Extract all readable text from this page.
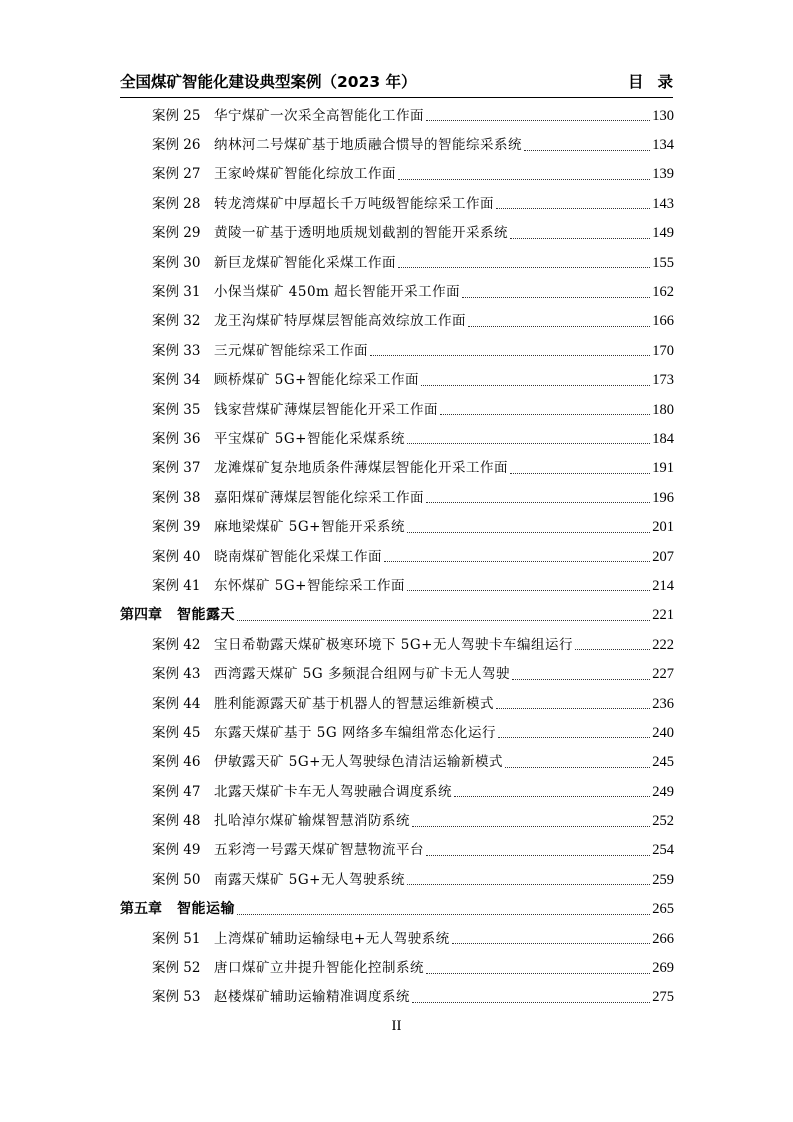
全国煤矿智能化建设典型案例（2023 年）	目录
案例 25	华宁煤矿一次采全高智能化工作面	130
案例 26	纳林河二号煤矿基于地质融合惯导的智能综采系统	134
案例 27	王家岭煤矿智能化综放工作面	139
案例 28	转龙湾煤矿中厚超长千万吨级智能综采工作面	143
案例 29	黄陵一矿基于透明地质规划截割的智能开采系统	149
案例 30	新巨龙煤矿智能化采煤工作面	155
案例 31	小保当煤矿 450m 超长智能开采工作面	162
案例 32	龙王沟煤矿特厚煤层智能高效综放工作面	166
案例 33	三元煤矿智能综采工作面	170
案例 34	顾桥煤矿 5G+智能化综采工作面	173
案例 35	钱家营煤矿薄煤层智能化开采工作面	180
案例 36	平宝煤矿 5G+智能化采煤系统	184
案例 37	龙滩煤矿复杂地质条件薄煤层智能化开采工作面	191
案例 38	嘉阳煤矿薄煤层智能化综采工作面	196
案例 39	麻地梁煤矿 5G+智能开采系统	201
案例 40	晓南煤矿智能化采煤工作面	207
案例 41	东怀煤矿 5G+智能综采工作面	214
第四章 智能露天	221
案例 42	宝日希勒露天煤矿极寒环境下 5G+无人驾驶卡车编组运行	222
案例 43	西湾露天煤矿 5G 多频混合组网与矿卡无人驾驶	227
案例 44	胜利能源露天矿基于机器人的智慧运维新模式	236
案例 45	东露天煤矿基于 5G 网络多车编组常态化运行	240
案例 46	伊敏露天矿 5G+无人驾驶绿色清洁运输新模式	245
案例 47	北露天煤矿卡车无人驾驶融合调度系统	249
案例 48	扎哈淖尔煤矿输煤智慧消防系统	252
案例 49	五彩湾一号露天煤矿智慧物流平台	254
案例 50	南露天煤矿 5G+无人驾驶系统	259
第五章 智能运输	265
案例 51	上湾煤矿辅助运输绿电+无人驾驶系统	266
案例 52	唐口煤矿立井提升智能化控制系统	269
案例 53	赵楼煤矿辅助运输精准调度系统	275
II
